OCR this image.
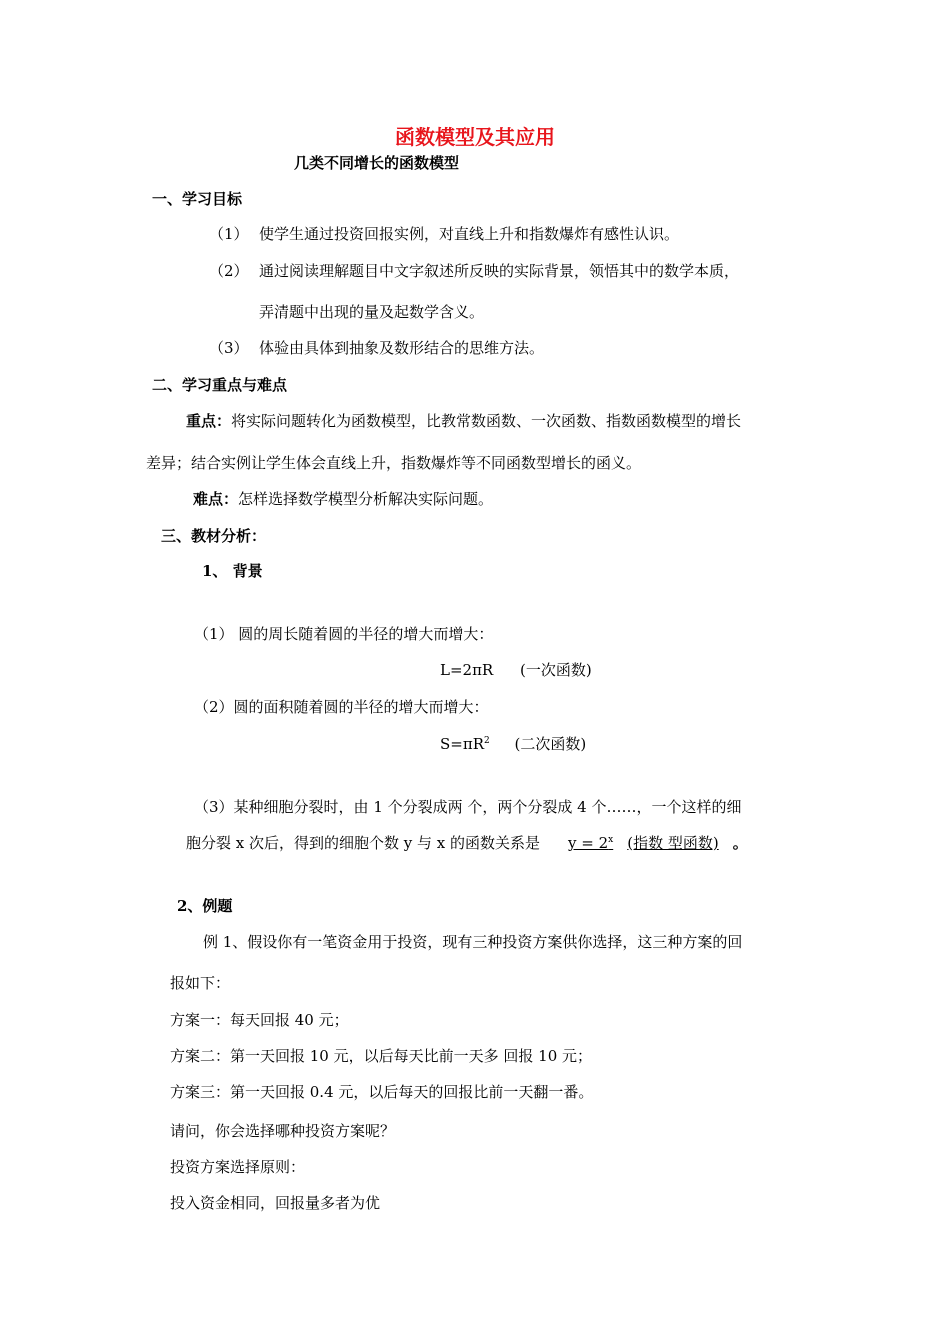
函数模型及其应用
几类不同增长的函数模型
一、学习目标
（1） 使学生通过投资回报实例，对直线上升和指数爆炸有感性认识。
（2） 通过阅读理解题目中文字叙述所反映的实际背景，领悟其中的数学本质，
弄清题中出现的量及起数学含义。
（3） 体验由具体到抽象及数形结合的思维方法。
二、学习重点与难点
重点：将实际问题转化为函数模型，比教常数函数、一次函数、指数函数模型的增长
差异；结合实例让学生体会直线上升，指数爆炸等不同函数型增长的函义。
难点：怎样选择数学模型分析解决实际问题。
三、教材分析：
1、 背景
（1） 圆的周长随着圆的半径的增大而增大：
L=2πR (一次函数)
（2）圆的面积随着圆的半径的增大而增大：
$S=\pi R^2$ (二次函数)
（3）某种细胞分裂时，由 1 个分裂成两 个，两个分裂成 4 个……，一个这样的细
胞分裂 x 次后，得到的细胞个数 y 与 x 的函数关系是 $y = 2^x$ (指数 型函数) 。
2、例题
例 1、假设你有一笔资金用于投资，现有三种投资方案供你选择，这三种方案的回
报如下：
方案一：每天回报 40 元；
方案二：第一天回报 10 元，以后每天比前一天多 回报 10 元；
方案三：第一天回报 0.4 元，以后每天的回报比前一天翻一番。
请问，你会选择哪种投资方案呢？
投资方案选择原则：
投入资金相同，回报量多者为优
